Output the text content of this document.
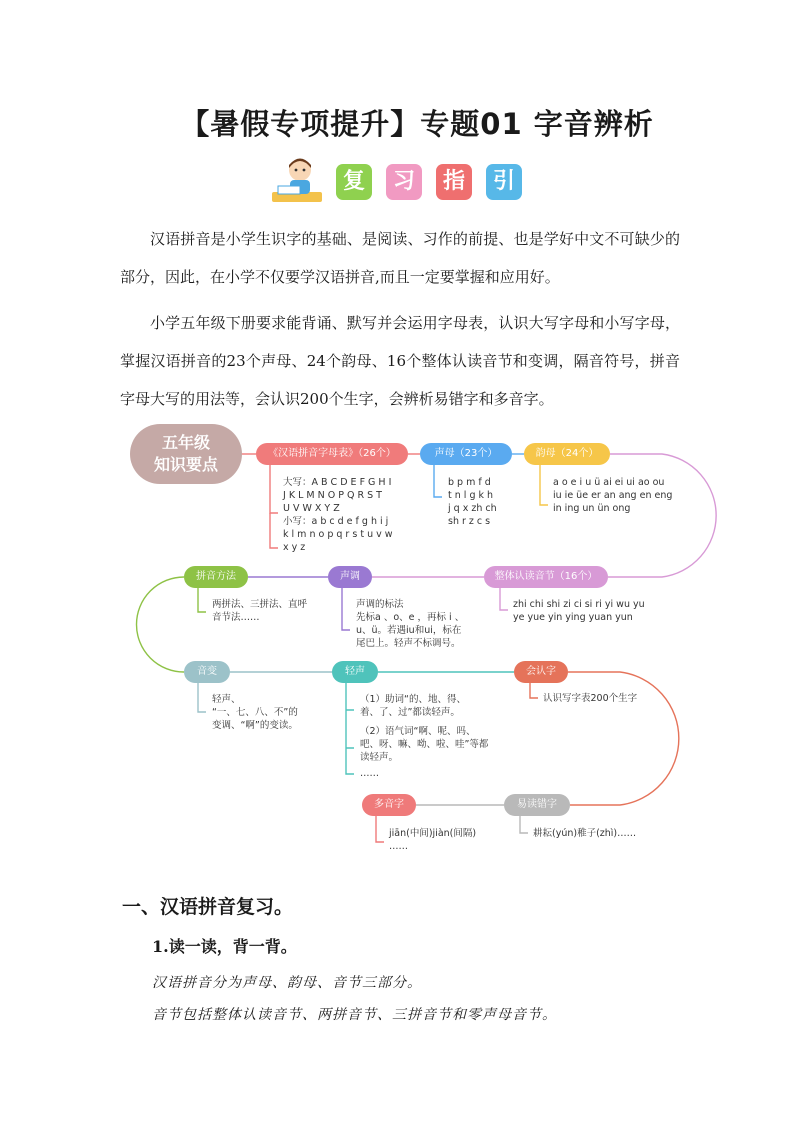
【暑假专项提升】专题01 字音辨析
复	习	指	引

汉语拼音是小学生识字的基础、是阅读、习作的前提、也是学好中文不可缺少的部分，因此，在小学不仅要学汉语拼音,而且一定要掌握和应用好。

小学五年级下册要求能背诵、默写并会运用字母表，认识大写字母和小写字母，掌握汉语拼音的23个声母、24个韵母、16个整体认读音节和变调，隔音符号，拼音字母大写的用法等，会认识200个生字，会辨析易错字和多音字。

五年级
知识要点
《汉语拼音字母表》（26个）	声母（23个）	韵母（24个）
整体认读音节（16个）
声调
拼音方法
音变	轻声	会认字
易读错字
多音字
大写：A B C D E F G H I
J K L M N O P Q R S T
U V W X Y Z
小写：a b c d e f g h i j
k l m n o p q r s t u v w
x y z
b p m f d
t n l g k h
j q x zh ch
sh r z c s
a o e i u ü ai ei ui ao ou
iu ie üe er an ang en eng
in ing un ün ong
zhi chi shi zi ci si ri yi wu yu
ye yue yin ying yuan yun
声调的标法
先标a 、o、e ，再标 i 、
u、ü。若遇iu和ui，标在
尾巴上。轻声不标调号。
两拼法、三拼法、直呼
音节法……
轻声、
“一、七、八、不”的
变调、“啊”的变读。
（1）助词“的、地、得、
着、了、过”都读轻声。
（2）语气词“啊、呢、吗、
吧、呀、嘛、呦、啦、哇”等都
读轻声。
……
认识写字表200个生字
耕耘(yún)稚子(zhì)……
jiān(中间)jiàn(间隔)
……
一、汉语拼音复习。
1.读一读，背一背。
汉语拼音分为声母、韵母、音节三部分。
音节包括整体认读音节、两拼音节、三拼音节和零声母音节。
